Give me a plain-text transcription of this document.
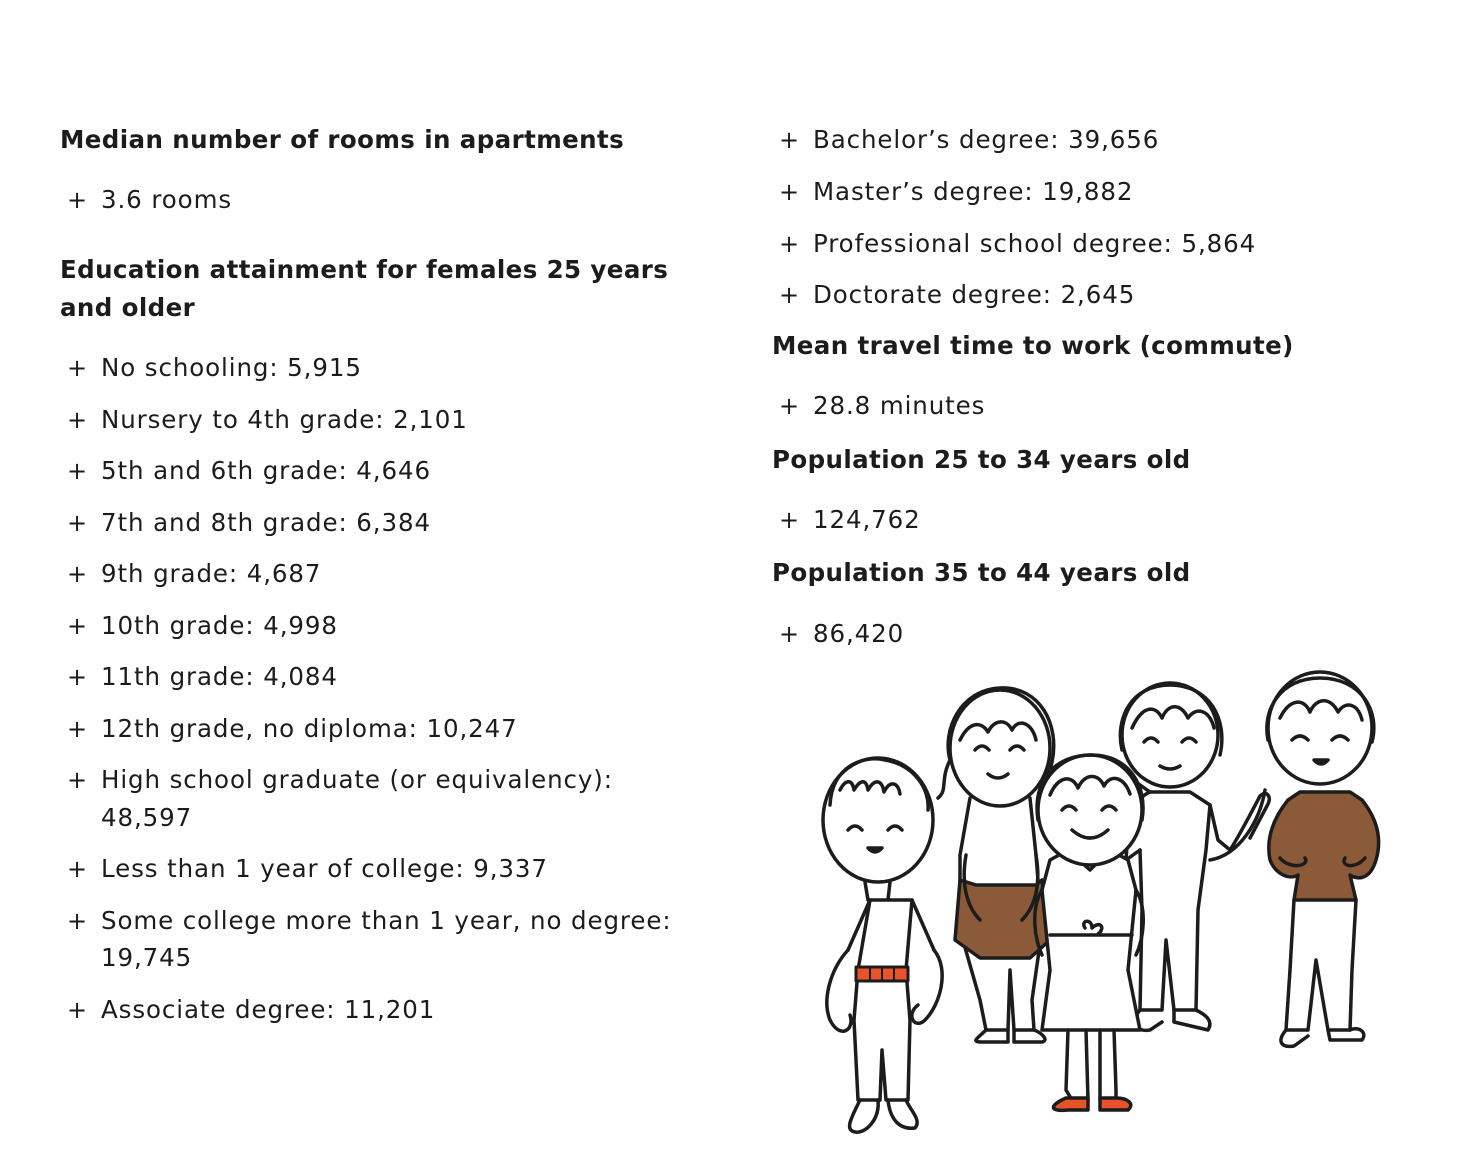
Median number of rooms in apartments
+ 3.6 rooms
Education attainment for females 25 years
and older
+ No schooling: 5,915
+ Nursery to 4th grade: 2,101
+ 5th and 6th grade: 4,646
+ 7th and 8th grade: 6,384
+ 9th grade: 4,687
+ 10th grade: 4,998
+ 11th grade: 4,084
+ 12th grade, no diploma: 10,247
+ High school graduate (or equivalency):
48,597
+ Less than 1 year of college: 9,337
+ Some college more than 1 year, no degree:
19,745
+ Associate degree: 11,201
+ Bachelor’s degree: 39,656
+ Master’s degree: 19,882
+ Professional school degree: 5,864
+ Doctorate degree: 2,645
Mean travel time to work (commute)
+ 28.8 minutes
Population 25 to 34 years old
+ 124,762
Population 35 to 44 years old
+ 86,420
